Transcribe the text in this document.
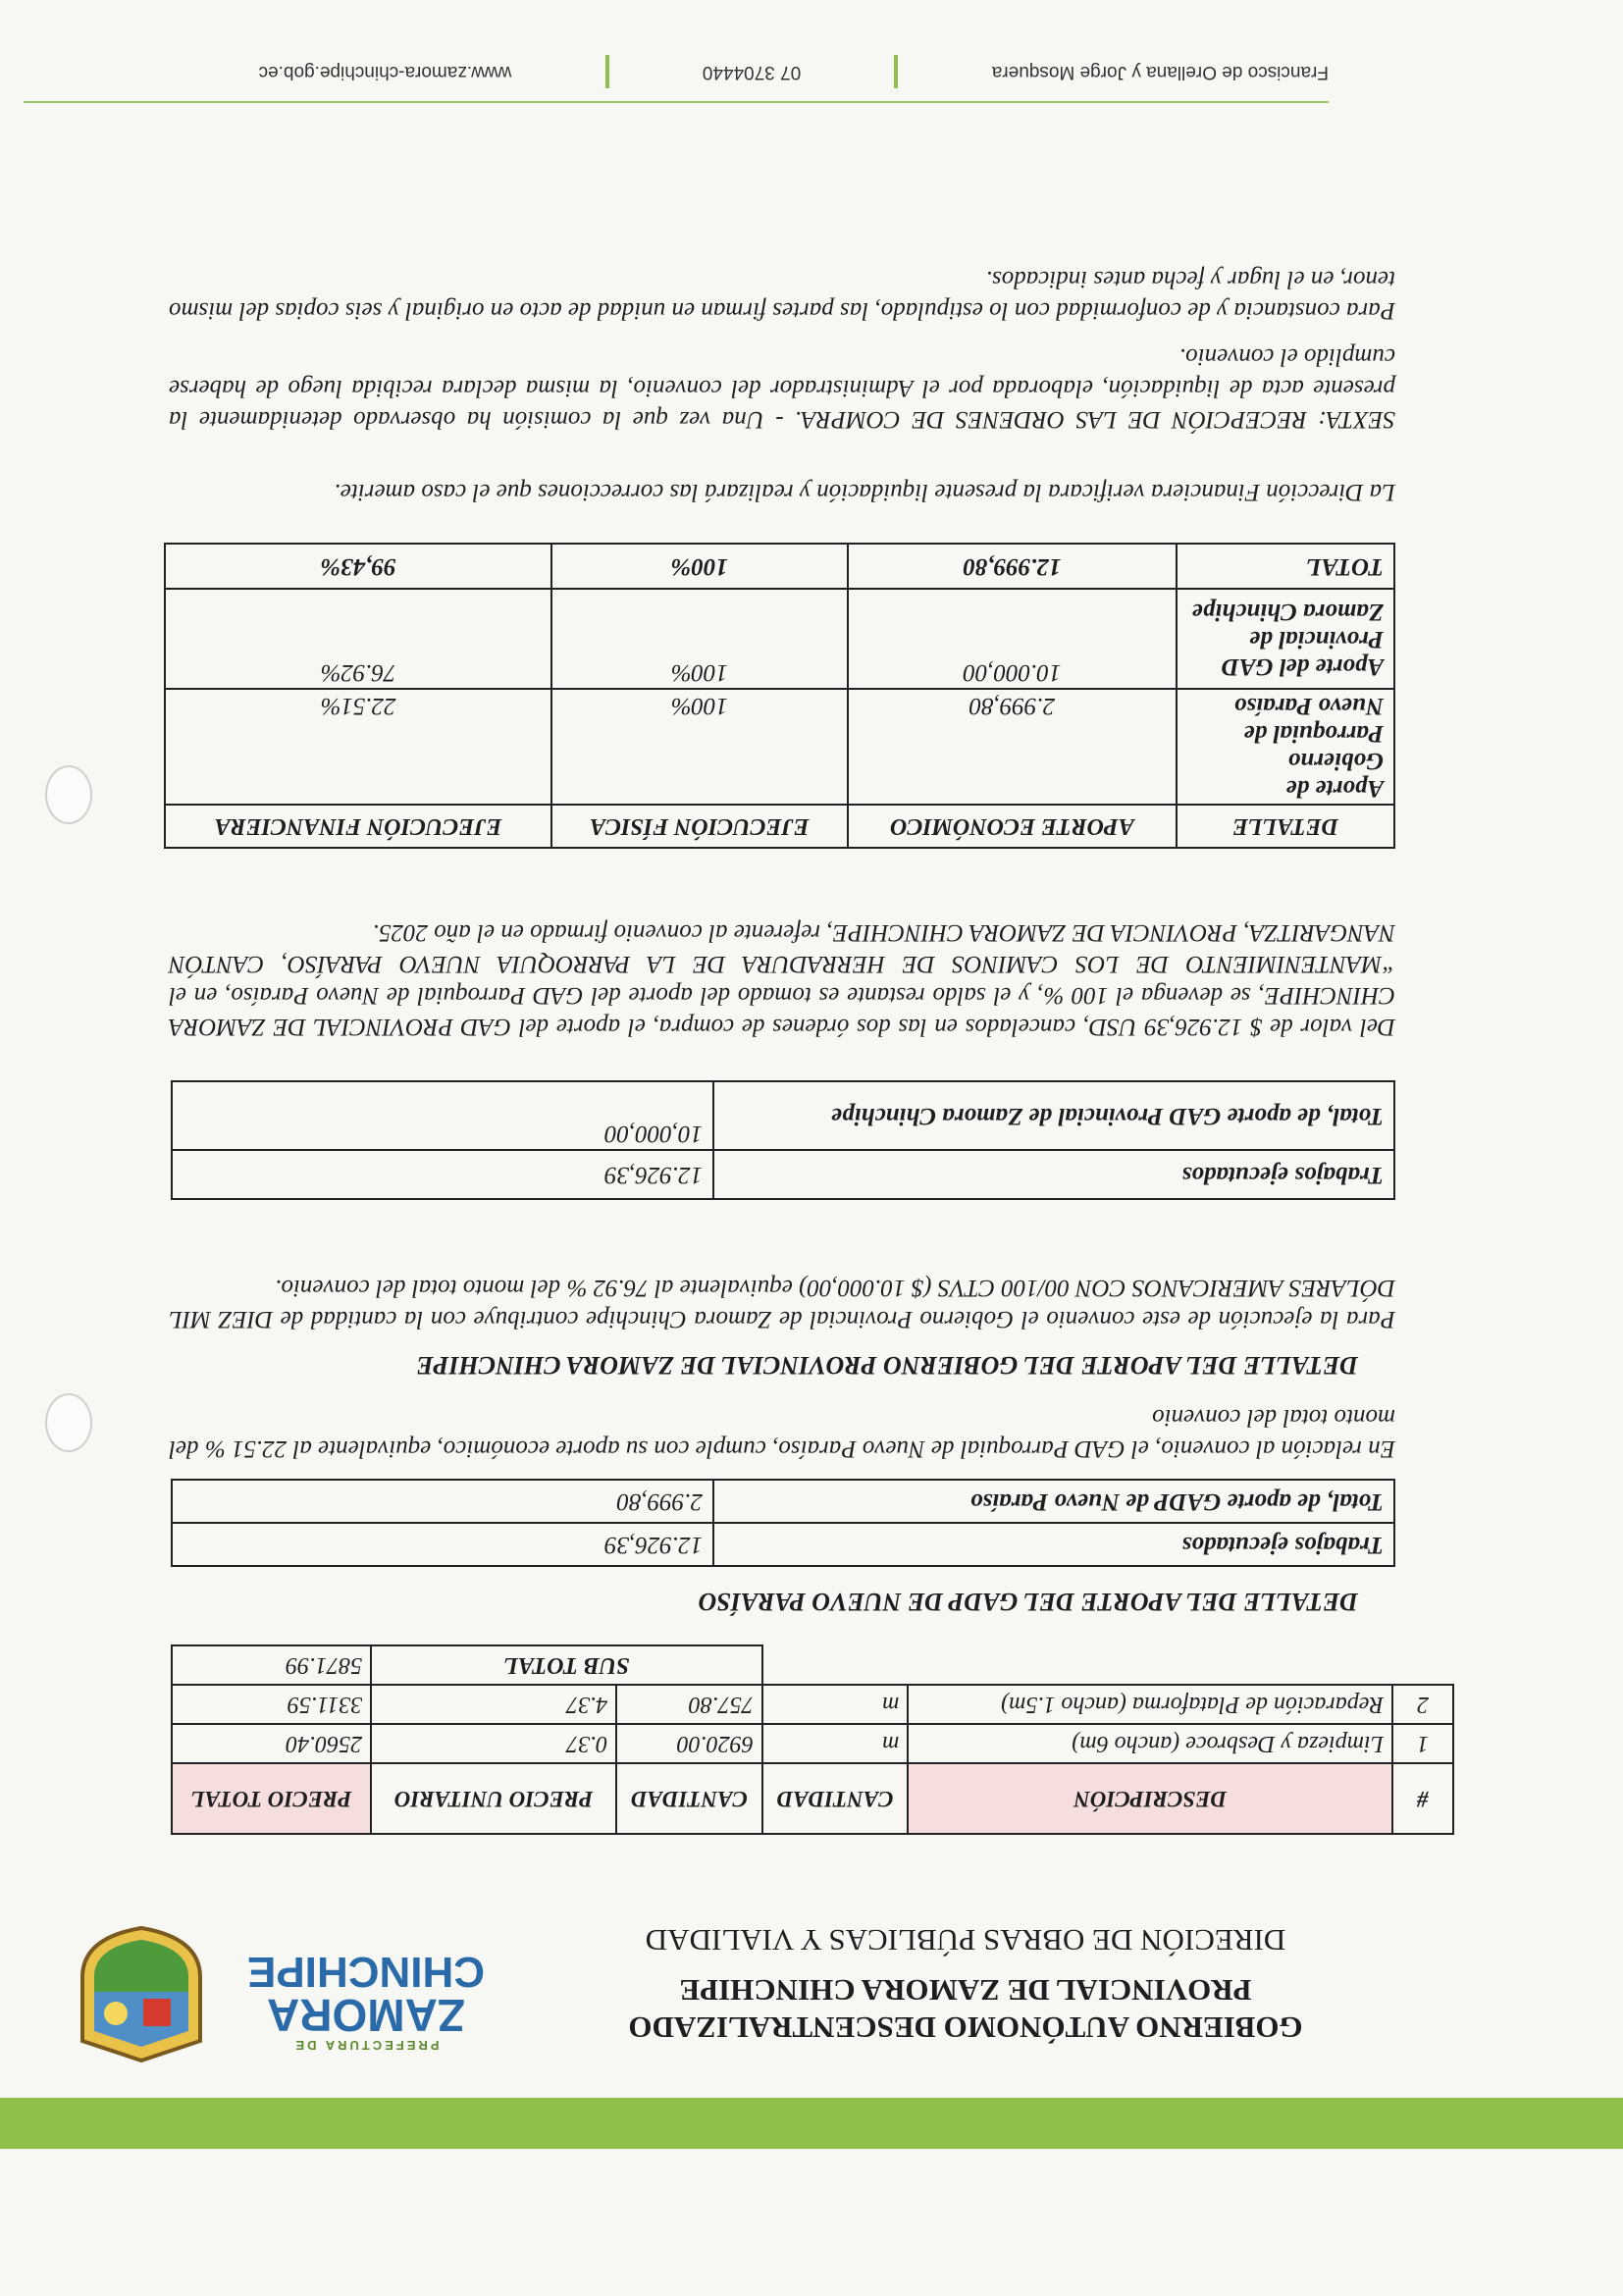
PREFECTURA DE
ZAMORA
CHINCHIPE
GOBIERNO AUTÓNOMO DESCENTRALIZADO
PROVINCIAL DE ZAMORA CHINCHIPE
DIRECIÓN DE OBRAS PÚBLICAS Y VIALIDAD
#	DESCRIPCIÓN	CANTIDAD	CANTIDAD	PRECIO UNITARIO	PRECIO TOTAL
1	Limpieza y Desbroce (ancho 6m)	m	6920.00	0.37	2560.40
2	Reparación de Plataforma (ancho 1.5m)	m	757.80	4.37	3311.59
			SUB TOTAL		5871.99
DETALLE DEL APORTE DEL GADP DE NUEVO PARAÍSO
Trabajos ejecutados	12.926,39
Total, de aporte GADP de Nuevo Paraíso	2.999,80
En relación al convenio, el GAD Parroquial de Nuevo Paraíso, cumple con su aporte económico, equivalente al 22.51 % del monto total del convenio
DETALLE DEL APORTE DEL GOBIERNO PROVINCIAL DE ZAMORA CHINCHIPE
Para la ejecución de este convenio el Gobierno Provincial de Zamora Chinchipe contribuye con la cantidad de DIEZ MIL DÓLARES AMERICANOS CON 00/100 CTVS ($ 10.000,00) equivalente al 76.92 % del monto total del convenio.
Trabajos ejecutados	12.926,39
Total, de aporte GAD Provincial de Zamora Chinchipe	10,000,00
Del valor de $ 12.926,39 USD, cancelados en las dos órdenes de compra, el aporte del GAD PROVINCIAL DE ZAMORA CHINCHIPE, se devenga el 100 %, y el saldo restante es tomado del aporte del GAD Parroquial de Nuevo Paraíso, en el “MANTENIMIENTO DE LOS CAMINOS DE HERRADURA DE LA PARROQUIA NUEVO PARAÍSO, CANTÓN NANGARITZA, PROVINCIA DE ZAMORA CHINCHIPE, referente al convenio firmado en el año 2025.
DETALLE	APORTE ECONÓMICO	EJECUCIÓN FÍSICA	EJECUCIÓN FINANCIERA
Aporte de Gobierno Parroquial de Nuevo Paraíso	2.999,80	100%	22.51%
Aporte del GAD Provincial de Zamora Chinchipe	10.000,00	100%	76.92%
TOTAL	12.999,80	100%	99,43%
La Dirección Financiera verificara la presente liquidación y realizará las correcciones que el caso amerite.
SEXTA: RECEPCIÓN DE LAS ORDENES DE COMPRA. - Una vez que la comisión ha observado detenidamente la presente acta de liquidación, elaborada por el Administrador del convenio, la misma declara recibida luego de haberse cumplido el convenio.
Para constancia y de conformidad con lo estipulado, las partes firman en unidad de acto en original y seis copias del mismo tenor, en el lugar y fecha antes indicados.
Francisco de Orellana y Jorge Mosquera  07 3704440  www.zamora-chinchipe.gob.ec
